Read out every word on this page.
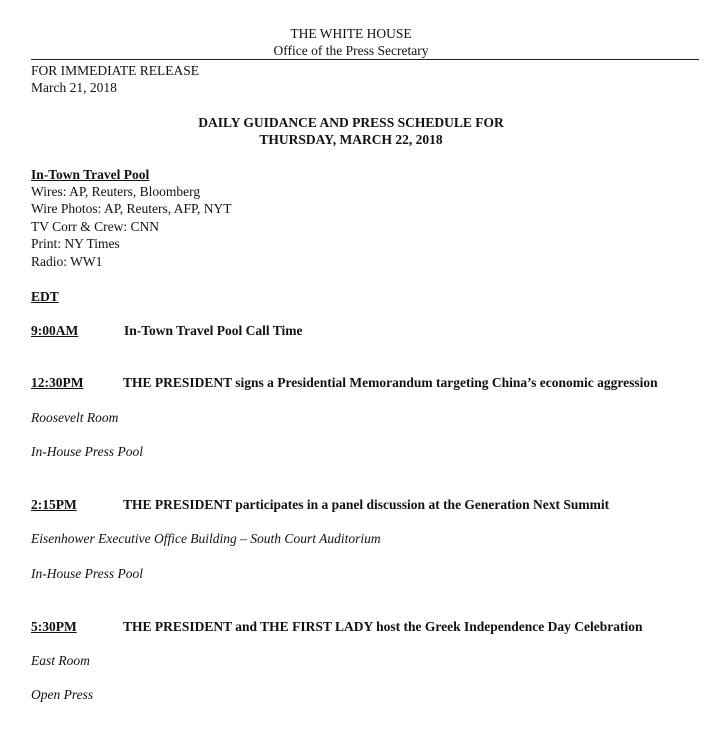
THE WHITE HOUSE
Office of the Press Secretary
FOR IMMEDIATE RELEASE
March 21, 2018
DAILY GUIDANCE AND PRESS SCHEDULE FOR
THURSDAY, MARCH 22, 2018
In-Town Travel Pool
Wires: AP, Reuters, Bloomberg
Wire Photos: AP, Reuters, AFP, NYT
TV Corr & Crew: CNN
Print: NY Times
Radio: WW1
EDT
9:00AM	In-Town Travel Pool Call Time
12:30PM	THE PRESIDENT signs a Presidential Memorandum targeting China’s economic aggression
Roosevelt Room
In-House Press Pool
2:15PM	THE PRESIDENT participates in a panel discussion at the Generation Next Summit
Eisenhower Executive Office Building – South Court Auditorium
In-House Press Pool
5:30PM	THE PRESIDENT and THE FIRST LADY host the Greek Independence Day Celebration
East Room
Open Press
